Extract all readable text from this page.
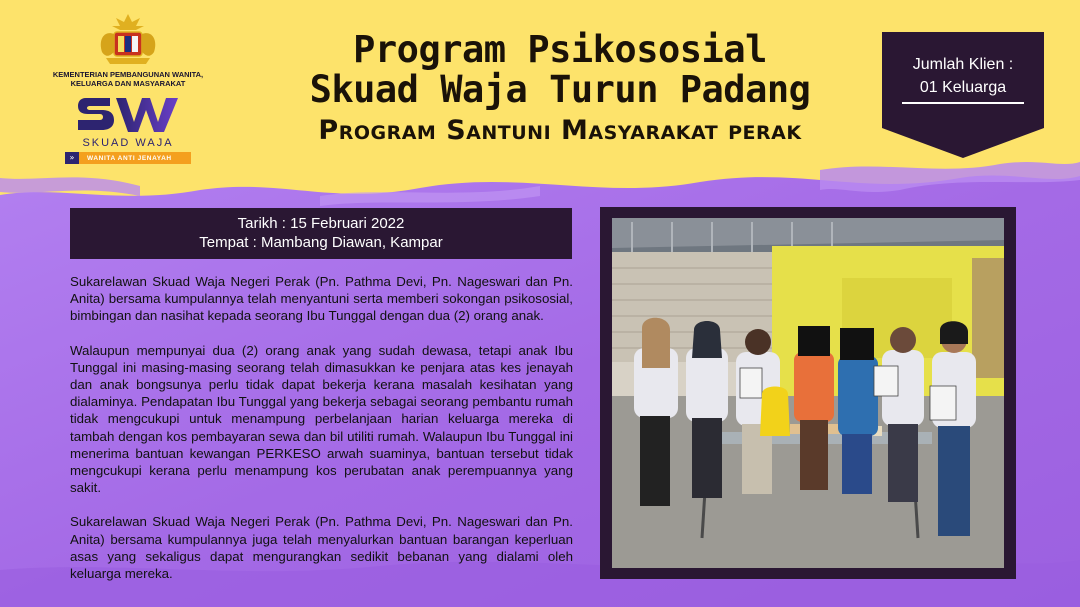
KEMENTERIAN PEMBANGUNAN WANITA,
KELUARGA DAN MASYARAKAT
SKUAD WAJA
»	WANITA ANTI JENAYAH
Program Psikososial
Skuad Waja Turun Padang
Program Santuni Masyarakat perak
Jumlah Klien :
01 Keluarga
Tarikh : 15 Februari 2022
Tempat : Mambang Diawan, Kampar

Sukarelawan Skuad Waja Negeri Perak (Pn. Pathma Devi, Pn. Nageswari dan Pn. Anita) bersama kumpulannya telah menyantuni serta memberi sokongan psikososial, bimbingan dan nasihat kepada seorang Ibu Tunggal dengan dua (2) orang anak.

Walaupun mempunyai dua (2) orang anak yang sudah dewasa, tetapi anak Ibu Tunggal ini masing-masing seorang telah dimasukkan ke penjara atas kes jenayah dan anak bongsunya perlu tidak dapat bekerja kerana masalah kesihatan yang dialaminya. Pendapatan Ibu Tunggal yang bekerja sebagai seorang pembantu rumah tidak mengcukupi untuk menampung perbelanjaan harian keluarga mereka di tambah dengan kos pembayaran sewa dan bil utiliti rumah. Walaupun Ibu Tunggal ini menerima bantuan kewangan PERKESO arwah suaminya, bantuan tersebut tidak mengcukupi kerana perlu menampung kos perubatan anak perempuannya yang sakit.

Sukarelawan Skuad Waja Negeri Perak (Pn. Pathma Devi, Pn. Nageswari dan Pn. Anita) bersama kumpulannya juga telah menyalurkan bantuan barangan keperluan asas yang sekaligus dapat mengurangkan sedikit bebanan yang dialami oleh keluarga mereka.
